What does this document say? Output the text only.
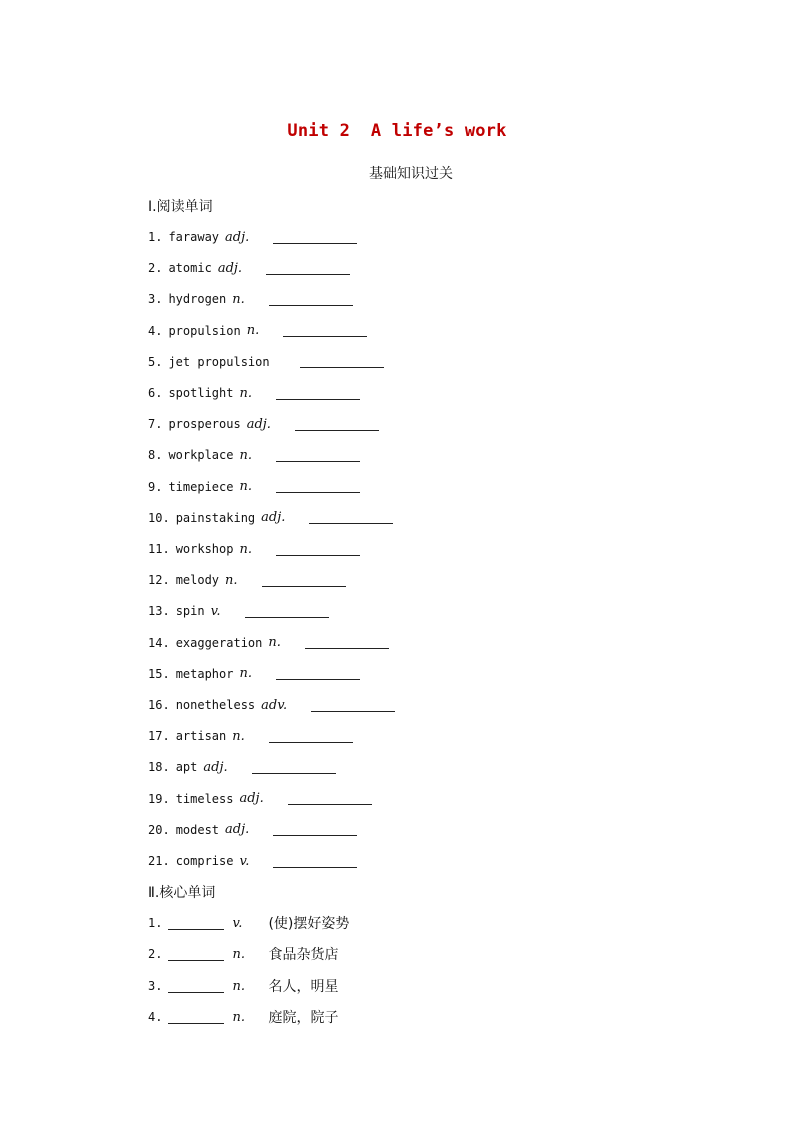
Unit 2  A life’s work
基础知识过关
Ⅰ.阅读单词
1. faraway adj.
2. atomic adj.
3. hydrogen n.
4. propulsion n.
5. jet propulsion
6. spotlight n.
7. prosperous adj.
8. workplace n.
9. timepiece n.
10. painstaking adj.
11. workshop n.
12. melody n.
13. spin v.
14. exaggeration n.
15. metaphor n.
16. nonetheless adv.
17. artisan n.
18. apt adj.
19. timeless adj.
20. modest adj.
21. comprise v.
Ⅱ.核心单词
1.	v.	(使)摆好姿势
2.	n.	食品杂货店
3.	n.	名人，明星
4.	n.	庭院，院子
